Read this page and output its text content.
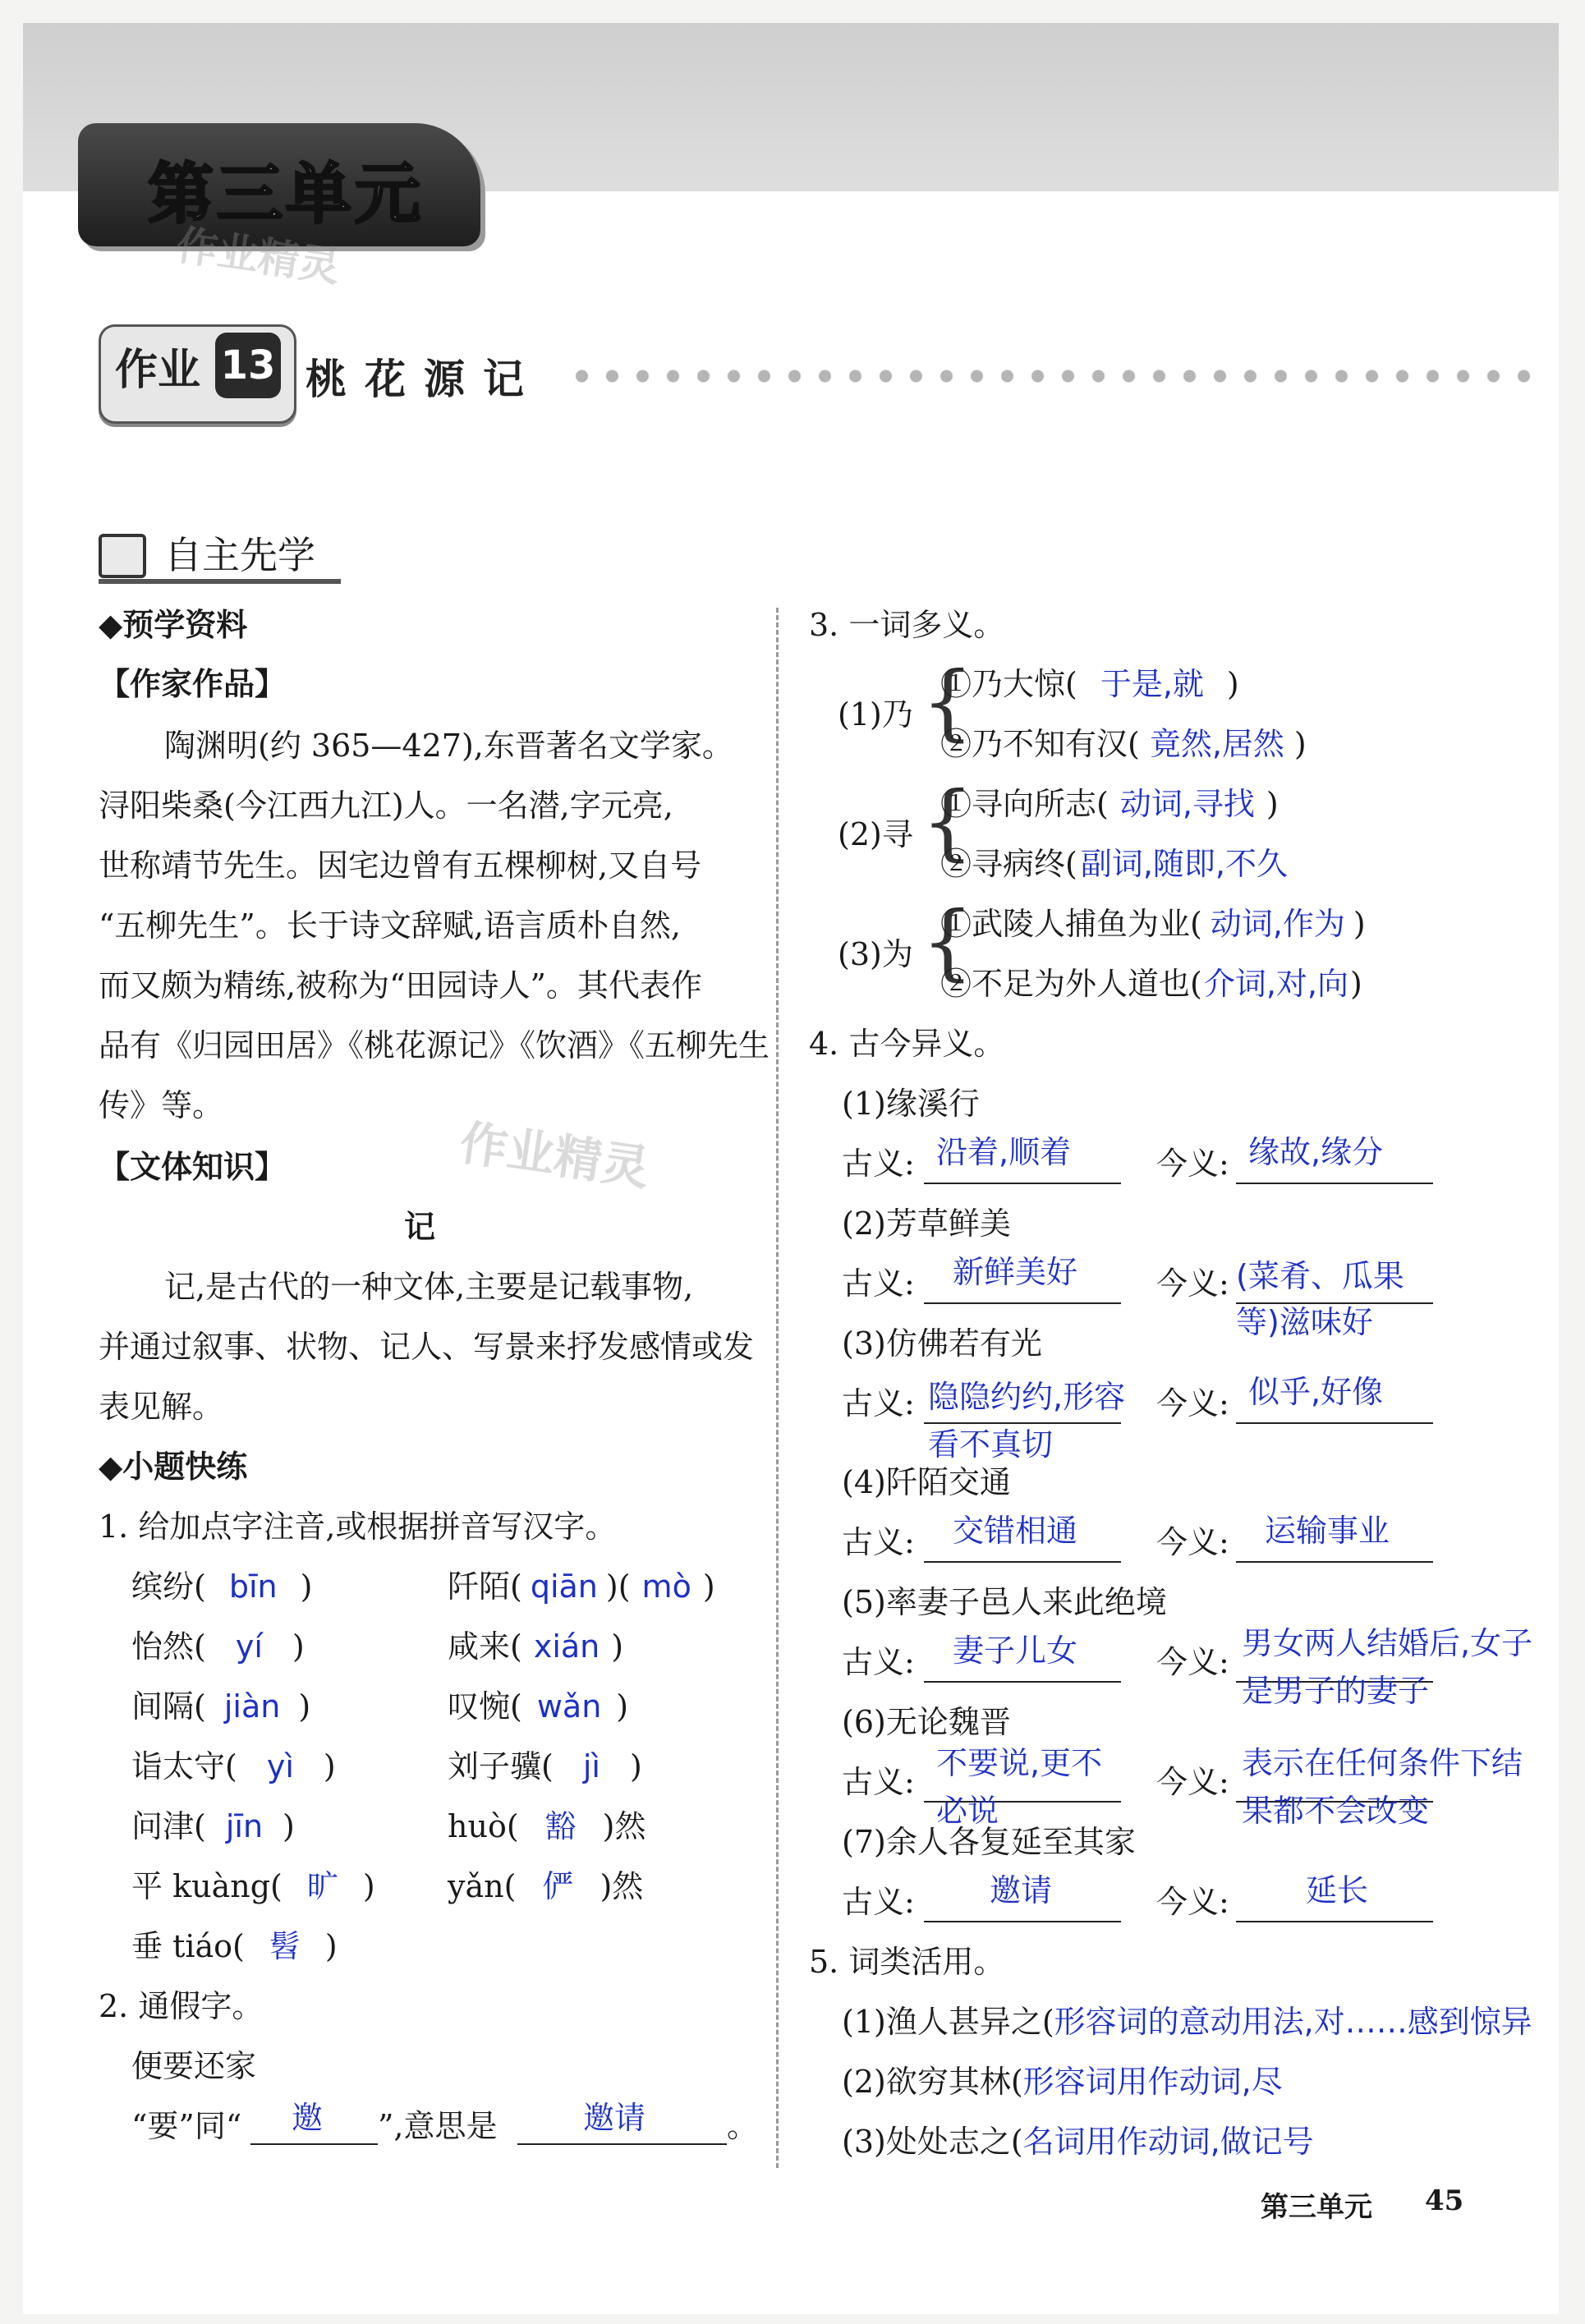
第三单元
作业精灵
作业精灵
作业 13 桃花源记
自主先学
◆预学资料
【作家作品】
陶渊明(约 365—427),东晋著名文学家。
浔阳柴桑(今江西九江)人。一名潜,字元亮,
世称靖节先生。因宅边曾有五棵柳树,又自号
“五柳先生”。长于诗文辞赋,语言质朴自然,
而又颇为精练,被称为“田园诗人”。其代表作
品有《归园田居》《桃花源记》《饮酒》《五柳先生
传》等。
【文体知识】
记
记,是古代的一种文体,主要是记载事物,
并通过叙事、状物、记人、写景来抒发感情或发
表见解。
◆小题快练
1. 给加点字注音,或根据拼音写汉字。
缤纷( bīn )	阡陌( qiān )( mò )
怡然( yí )	咸来( xián )
间隔( jiàn )	叹惋( wǎn )
诣太守( yì )	刘子骥( jì )
问津( jīn )	huò( 豁 )然
平 kuàng( 旷 ) yǎn( 俨 )然
垂 tiáo( 髫 )
2. 通假字。
便要还家
“要”同“ 邀 ”,意思是	邀请	。
3. 一词多义。
(1)乃 {
①乃大惊( 于是,就 )
②乃不知有汉( 竟然,居然 )
(2)寻 {
①寻向所志( 动词,寻找 )
②寻病终( 副词,随即,不久
(3)为 {
①武陵人捕鱼为业( 动词,作为 )
②不足为外人道也(介词,对,向)
4. 古今异义。
(1)缘溪行
古义: 沿着,顺着	今义: 缘故,缘分
(2)芳草鲜美
古义: 新鲜美好	今义: (菜肴、瓜果等)滋味好
(3)仿佛若有光
古义: 隐隐约约,形容看不真切
今义: 似乎,好像
(4)阡陌交通
古义: 交错相通	今义: 运输事业
(5)率妻子邑人来此绝境
古义: 妻子儿女	今义:
男女两人结婚后,女子是男子的妻子
(6)无论魏晋
古义:
不要说,更不必说
今义:
表示在任何条件下结果都不会改变
(7)余人各复延至其家
古义: 邀请	今义: 延长
5. 词类活用。
(1)渔人甚异之(形容词的意动用法,对……感到惊异
(2)欲穷其林(形容词用作动词,尽
(3)处处志之(名词用作动词,做记号
第三单元 45
